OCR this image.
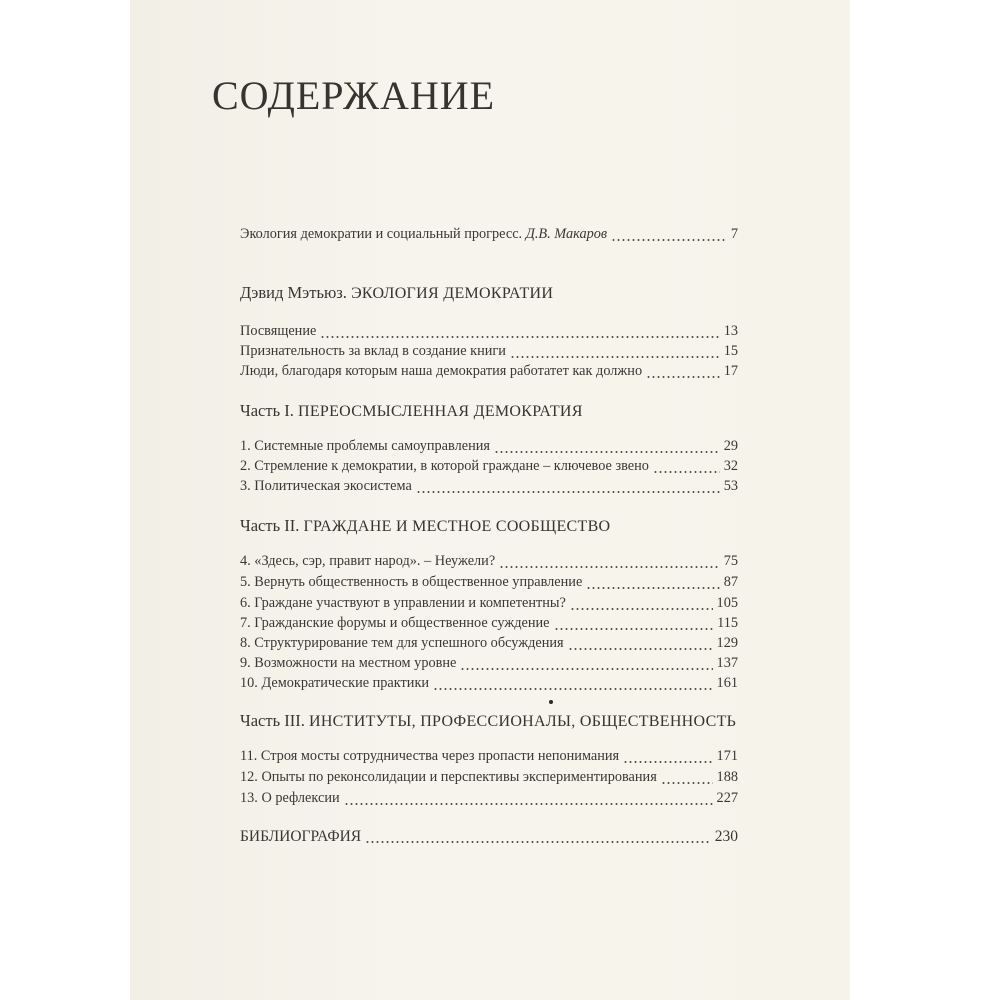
СОДЕРЖАНИЕ
Экология демократии и социальный прогресс. Д.В. Макаров	7
Дэвид Мэтьюз. ЭКОЛОГИЯ ДЕМОКРАТИИ
Посвящение	13
Признательность за вклад в создание книги	15
Люди, благодаря которым наша демократия работатет как должно	17
Часть I. ПЕРЕОСМЫСЛЕННАЯ ДЕМОКРАТИЯ
1. Системные проблемы самоуправления	29
2. Стремление к демократии, в которой граждане – ключевое звено	32
3. Политическая экосистема	53
Часть II. ГРАЖДАНЕ И МЕСТНОЕ СООБЩЕСТВО
4. «Здесь, сэр, правит народ». – Неужели?	75
5. Вернуть общественность в общественное управление	87
6. Граждане участвуют в управлении и компетентны?	105
7. Гражданские форумы и общественное суждение	115
8. Структурирование тем для успешного обсуждения	129
9. Возможности на местном уровне	137
10. Демократические практики	161
Часть III. ИНСТИТУТЫ, ПРОФЕССИОНАЛЫ, ОБЩЕСТВЕННОСТЬ
11. Строя мосты сотрудничества через пропасти непонимания	171
12. Опыты по реконсолидации и перспективы экспериментирования	188
13. О рефлексии	227
БИБЛИОГРАФИЯ	230
